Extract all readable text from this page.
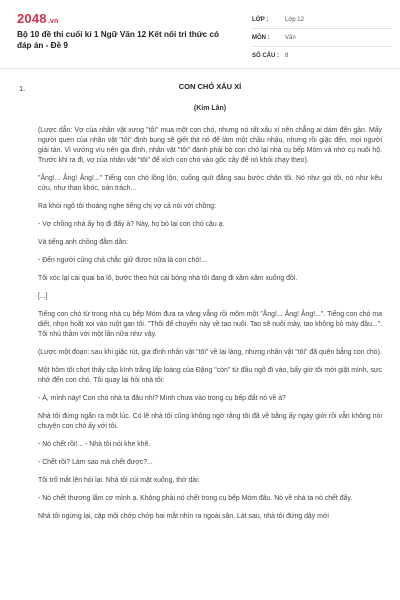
2048.vn
Bộ 10 đề thi cuối kì 1 Ngữ Văn 12 Kết nối tri thức có đáp án - Đề 9
LỚP :	Lớp 12
MÔN :	Văn
SỐ CÂU :	8
1.	CON CHÓ XẤU XÍ
(Kim Lân)

(Lược dẫn: Vợ của nhân vật xưng "tôi" mua một con chó, nhưng nó rất xấu xí nên chẳng ai dám đến gần. Mấy người quen của nhân vật "tôi" định bụng sẽ giết thịt nó để làm một chầu nhậu, nhưng rồi giặc đến, mọi người giải tán. Vì vướng víu nên gia đình, nhân vật "tôi" đành phải bỏ con chó lại nhà cụ bếp Móm và nhờ cụ nuôi hộ. Trước khi ra đi, vợ của nhân vật "tôi" để xích con chó vào gốc cây để nó khỏi chạy theo).

"Ẳng!... Ẳng! Ẳng!..." Tiếng con chó lồng lộn, cuống quít đằng sau bước chân tôi. Nó như gọi tôi, nó như kêu cứu, như than khóc, oán trách...

Ra khỏi ngõ tôi thoáng nghe tiếng chị vợ cả nói với chồng:

- Vợ chồng nhà ấy họ đi đấy à? Này, họ bỏ lại con chó cậu ạ.

Và tiếng anh chồng đằm dằn:

- Đến người cũng chả chắc giữ được nữa là con chó!...

Tôi xóc lại cái quai ba lô, bước theo hút cái bóng nhà tôi đang đi xăm xăm xuống đồi.

[...]

Tiếng con chó từ trong nhà cụ bếp Móm đưa ra văng vẳng rồi mõm một "Ẳng!... Ẳng! Ẳng!...". Tiếng con chó ma diết, nhọn hoắt xoi vào ruột gan tôi. "Thôi để chuyến này về tao nuôi. Tao sẽ nuôi mày, tao không bỏ mày đâu...". Tôi nhủ thầm với một lần nữa như vậy.

(Lược một đoạn: sau khi giặc rút, gia đình nhân vật "tôi" về lại làng, nhưng nhân vật "tôi" đã quên bẵng con chó).

Một hôm tôi chợt thấy cặp kính trắng lấp loáng của Đặng "còn" từ đầu ngõ đi vào, bấy giờ tôi mới giật mình, sực nhớ đến con chó. Tôi quay lại hỏi nhà tôi:

- À, mình này! Con chó nhà ta đâu nhỉ? Mình chưa vào trong cụ bếp đất nó về à?

Nhà tôi đứng ngẩn ra một lúc. Có lẽ nhà tôi cũng không ngờ rằng tôi đã về bằng ấy ngày giời rồi vẫn không nói chuyện con chó ấy với tôi.

- Nó chết rồi!... - Nhà tôi nói khe khẽ.

- Chết rồi? Làm sao mà chết được?...

Tôi trố mắt lên hỏi lại. Nhà tôi cúi mặt xuống, thở dài:

- Nó chết thương lắm cơ mình ạ. Không phải nó chết trong cụ bếp Móm đâu. Nó về nhà ta nó chết đấy.

Nhà tôi ngừng lại, cặp môi chớp chớp hai mắt nhìn ra ngoài sân. Lát sau, nhà tôi đứng dậy mới
